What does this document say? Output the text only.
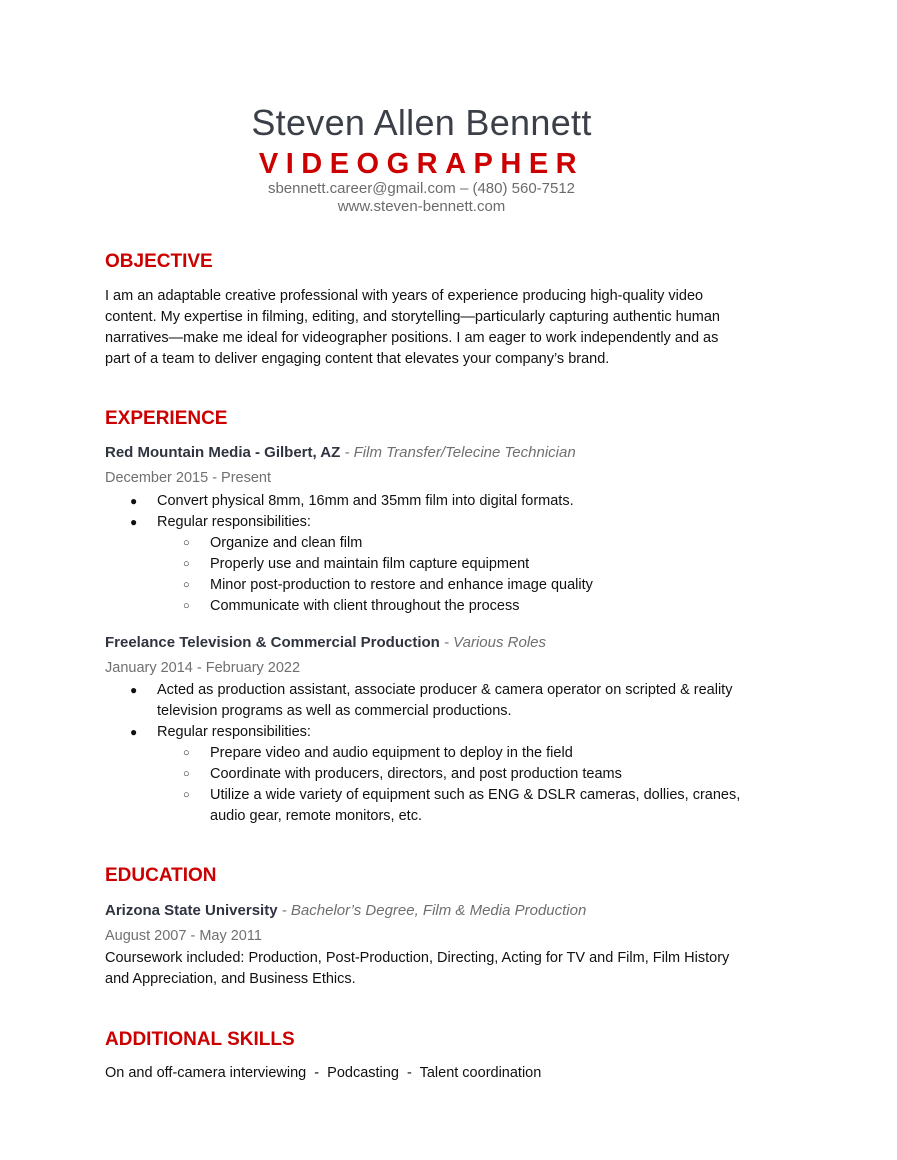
Steven Allen Bennett
VIDEOGRAPHER
sbennett.career@gmail.com – (480) 560-7512
www.steven-bennett.com
OBJECTIVE
I am an adaptable creative professional with years of experience producing high-quality video content. My expertise in filming, editing, and storytelling—particularly capturing authentic human narratives—make me ideal for videographer positions. I am eager to work independently and as part of a team to deliver engaging content that elevates your company’s brand.
EXPERIENCE
Red Mountain Media - Gilbert, AZ - Film Transfer/Telecine Technician
December 2015 - Present
●	Convert physical 8mm, 16mm and 35mm film into digital formats.
●	Regular responsibilities:
○ Organize and clean film
○ Properly use and maintain film capture equipment
○ Minor post-production to restore and enhance image quality
○ Communicate with client throughout the process
Freelance Television & Commercial Production - Various Roles
January 2014 - February 2022
●	Acted as production assistant, associate producer & camera operator on scripted & reality television programs as well as commercial productions.
●	Regular responsibilities:
○ Prepare video and audio equipment to deploy in the field
○ Coordinate with producers, directors, and post production teams
○ Utilize a wide variety of equipment such as ENG & DSLR cameras, dollies, cranes, audio gear, remote monitors, etc.
EDUCATION
Arizona State University - Bachelor’s Degree, Film & Media Production
August 2007 - May 2011
Coursework included: Production, Post-Production, Directing, Acting for TV and Film, Film History and Appreciation, and Business Ethics.
ADDITIONAL SKILLS
On and off-camera interviewing  -  Podcasting  -  Talent coordination
